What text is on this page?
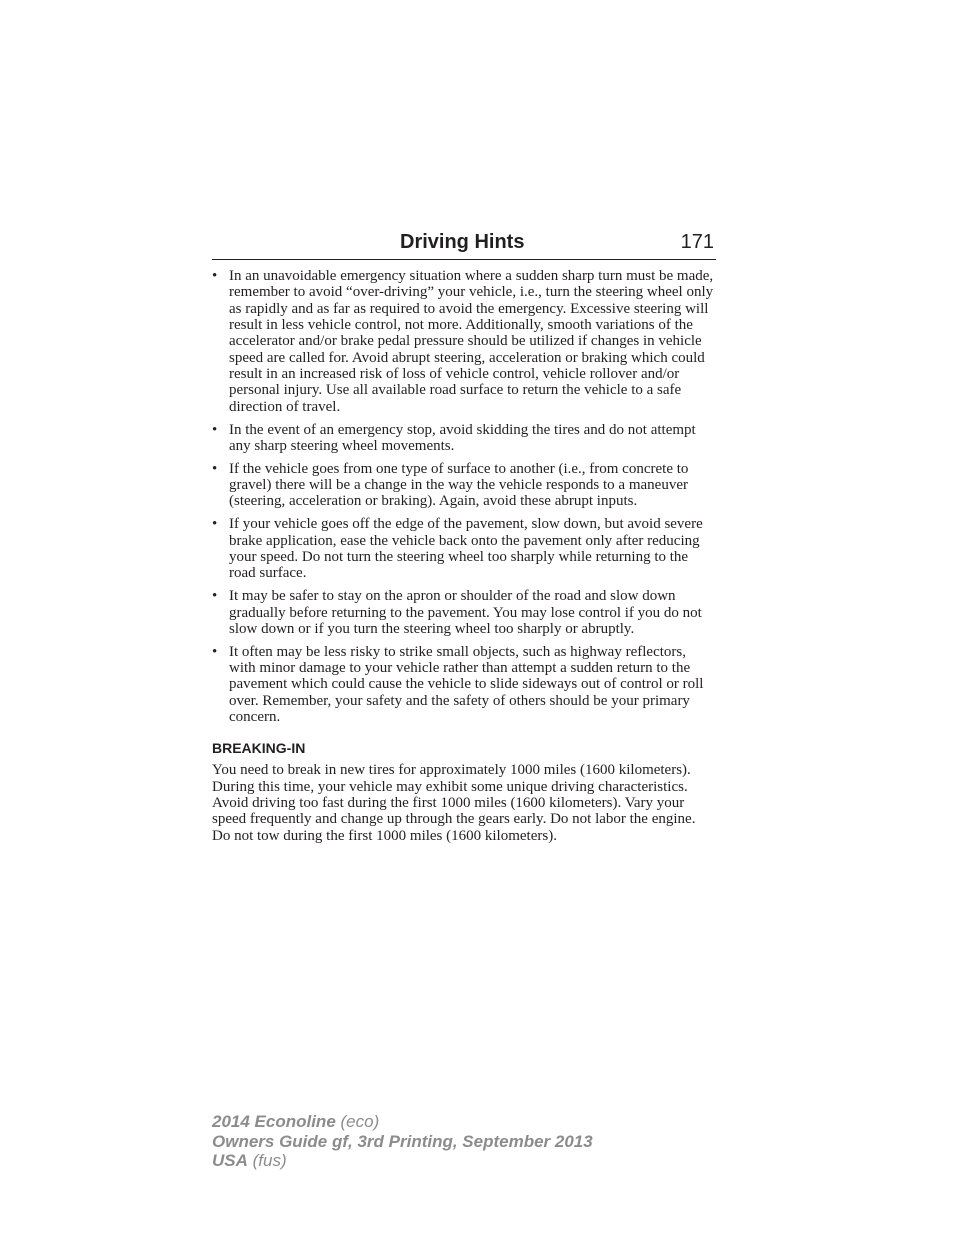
Driving Hints	171
• In an unavoidable emergency situation where a sudden sharp turn must be made, remember to avoid “over-driving” your vehicle, i.e., turn the steering wheel only as rapidly and as far as required to avoid the emergency. Excessive steering will result in less vehicle control, not more. Additionally, smooth variations of the accelerator and/or brake pedal pressure should be utilized if changes in vehicle speed are called for. Avoid abrupt steering, acceleration or braking which could result in an increased risk of loss of vehicle control, vehicle rollover and/or personal injury. Use all available road surface to return the vehicle to a safe direction of travel.
• In the event of an emergency stop, avoid skidding the tires and do not attempt any sharp steering wheel movements.
• If the vehicle goes from one type of surface to another (i.e., from concrete to gravel) there will be a change in the way the vehicle responds to a maneuver (steering, acceleration or braking). Again, avoid these abrupt inputs.
• If your vehicle goes off the edge of the pavement, slow down, but avoid severe brake application, ease the vehicle back onto the pavement only after reducing your speed. Do not turn the steering wheel too sharply while returning to the road surface.
• It may be safer to stay on the apron or shoulder of the road and slow down gradually before returning to the pavement. You may lose control if you do not slow down or if you turn the steering wheel too sharply or abruptly.
• It often may be less risky to strike small objects, such as highway reflectors, with minor damage to your vehicle rather than attempt a sudden return to the pavement which could cause the vehicle to slide sideways out of control or roll over. Remember, your safety and the safety of others should be your primary concern.
BREAKING-IN

You need to break in new tires for approximately 1000 miles (1600 kilometers). During this time, your vehicle may exhibit some unique driving characteristics. Avoid driving too fast during the first 1000 miles (1600 kilometers). Vary your speed frequently and change up through the gears early. Do not labor the engine. Do not tow during the first 1000 miles (1600 kilometers).

2014 Econoline (eco)
Owners Guide gf, 3rd Printing, September 2013
USA (fus)
